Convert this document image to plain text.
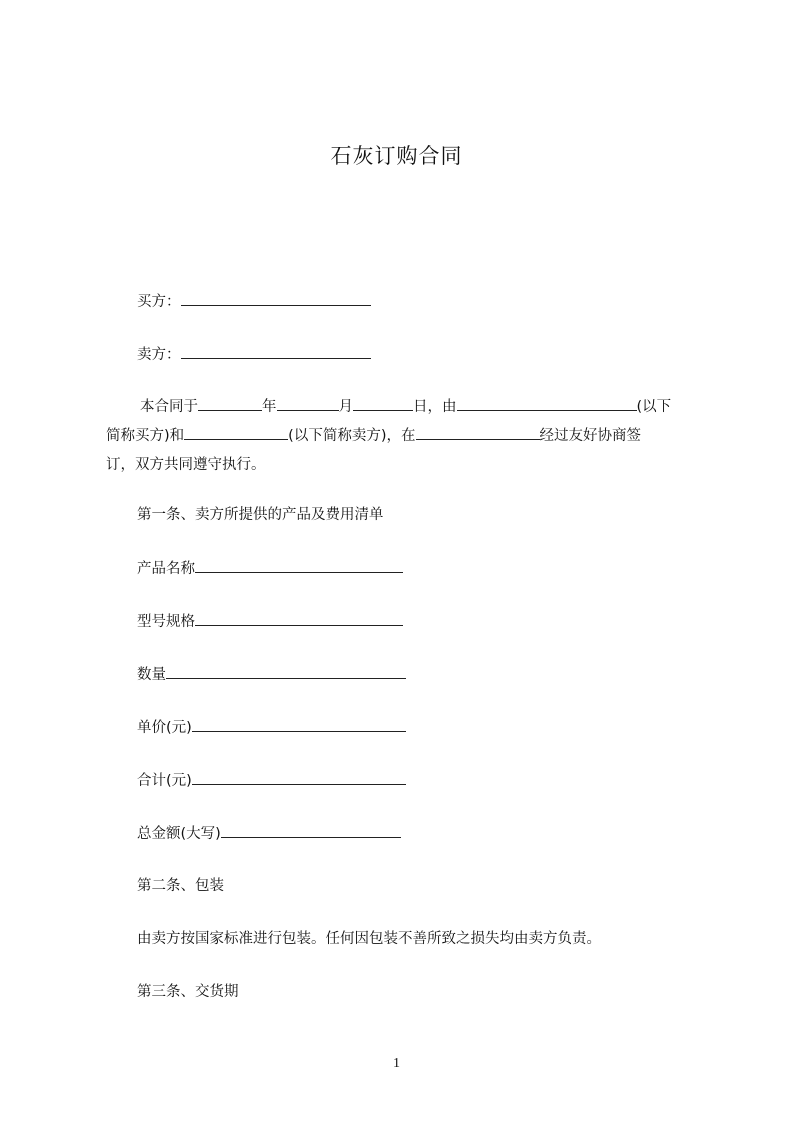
石灰订购合同
买方：
卖方：
本合同于	年	月	日，由	(以下
简称买方)和	(以下简称卖方)，在	经过友好协商签
订，双方共同遵守执行。
第一条、卖方所提供的产品及费用清单
产品名称
型号规格
数量
单价(元)
合计(元)
总金额(大写)
第二条、包装
由卖方按国家标准进行包装。任何因包装不善所致之损失均由卖方负责。
第三条、交货期
1
